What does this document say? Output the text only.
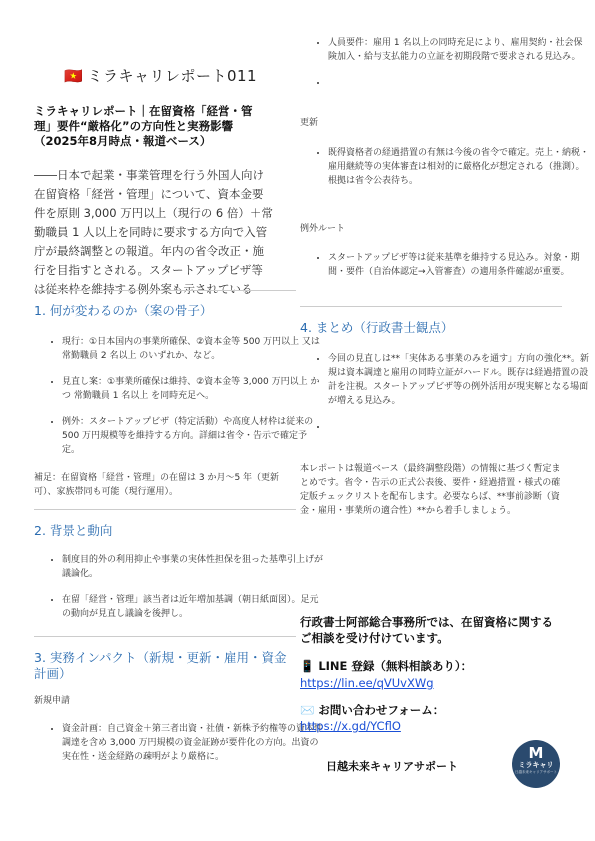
🇻🇳 ミラキャリレポート011
ミラキャリレポート｜在留資格「経営・管
理」要件“厳格化”の方向性と実務影響
（2025年8月時点・報道ベース）
――日本で起業・事業管理を行う外国人向け
在留資格「経営・管理」について、資本金要
件を原則 3,000 万円以上（現行の 6 倍）＋常
勤職員 1 人以上を同時に要求する方向で入管
庁が最終調整との報道。年内の省令改正・施
行を目指すとされる。スタートアップビザ等
は従来枠を維持する例外案も示されている
1. 何が変わるのか（案の骨子）
• 現行：①日本国内の事業所確保、②資本金等 500 万円以上 又は 常勤職員 2 名以上 のいずれか、など。
• 見直し案：①事業所確保は維持、②資本金等 3,000 万円以上 かつ 常勤職員 1 名以上 を同時充足へ。
• 例外：スタートアップビザ（特定活動）や高度人材枠は従来の 500 万円規模等を維持する方向。詳細は省令・告示で確定予定。
補足：在留資格「経営・管理」の在留は 3 か月〜5 年（更新可）、家族帯同も可能（現行運用）。
2. 背景と動向
• 制度目的外の利用抑止や事業の実体性担保を狙った基準引上げが議論化。
• 在留「経営・管理」該当者は近年増加基調（朝日紙面図）。足元の動向が見直し議論を後押し。
3. 実務インパクト（新規・更新・雇用・資金計画）
新規申請
• 資金計画：自己資金＋第三者出資・社債・新株予約権等の資本性調達を含め 3,000 万円規模の資金証跡が要件化の方向。出資の実在性・送金経路の疎明がより厳格に。
• 人員要件：雇用 1 名以上の同時充足により、雇用契約・社会保険加入・給与支払能力の立証を初期段階で要求される見込み。
•
更新
• 既得資格者の経過措置の有無は今後の省令で確定。売上・納税・雇用継続等の実体審査は相対的に厳格化が想定される（推測）。根拠は省令公表待ち。
例外ルート
• スタートアップビザ等は従来基準を維持する見込み。対象・期間・要件（自治体認定→入管審査）の適用条件確認が重要。
4. まとめ（行政書士観点）
• 今回の見直しは**「実体ある事業のみを通す」方向の強化**。新規は資本調達と雇用の同時立証がハードル。既存は経過措置の設計を注視。スタートアップビザ等の例外活用が現実解となる場面が増える見込み。
•
本レポートは報道ベース（最終調整段階）の情報に基づく暫定まとめです。省令・告示の正式公表後、要件・経過措置・様式の確定版チェックリストを配布します。必要ならば、**事前診断（資金・雇用・事業所の適合性）**から着手しましょう。
行政書士阿部総合事務所では、在留資格に関するご相談を受け付けています。
📱 LINE 登録（無料相談あり）：
https://lin.ee/qVUvXWg
✉️ お問い合わせフォーム：
https://x.gd/YCflO
日越未来キャリアサポート
M
ミラキャリ
日越未来キャリアサポート
